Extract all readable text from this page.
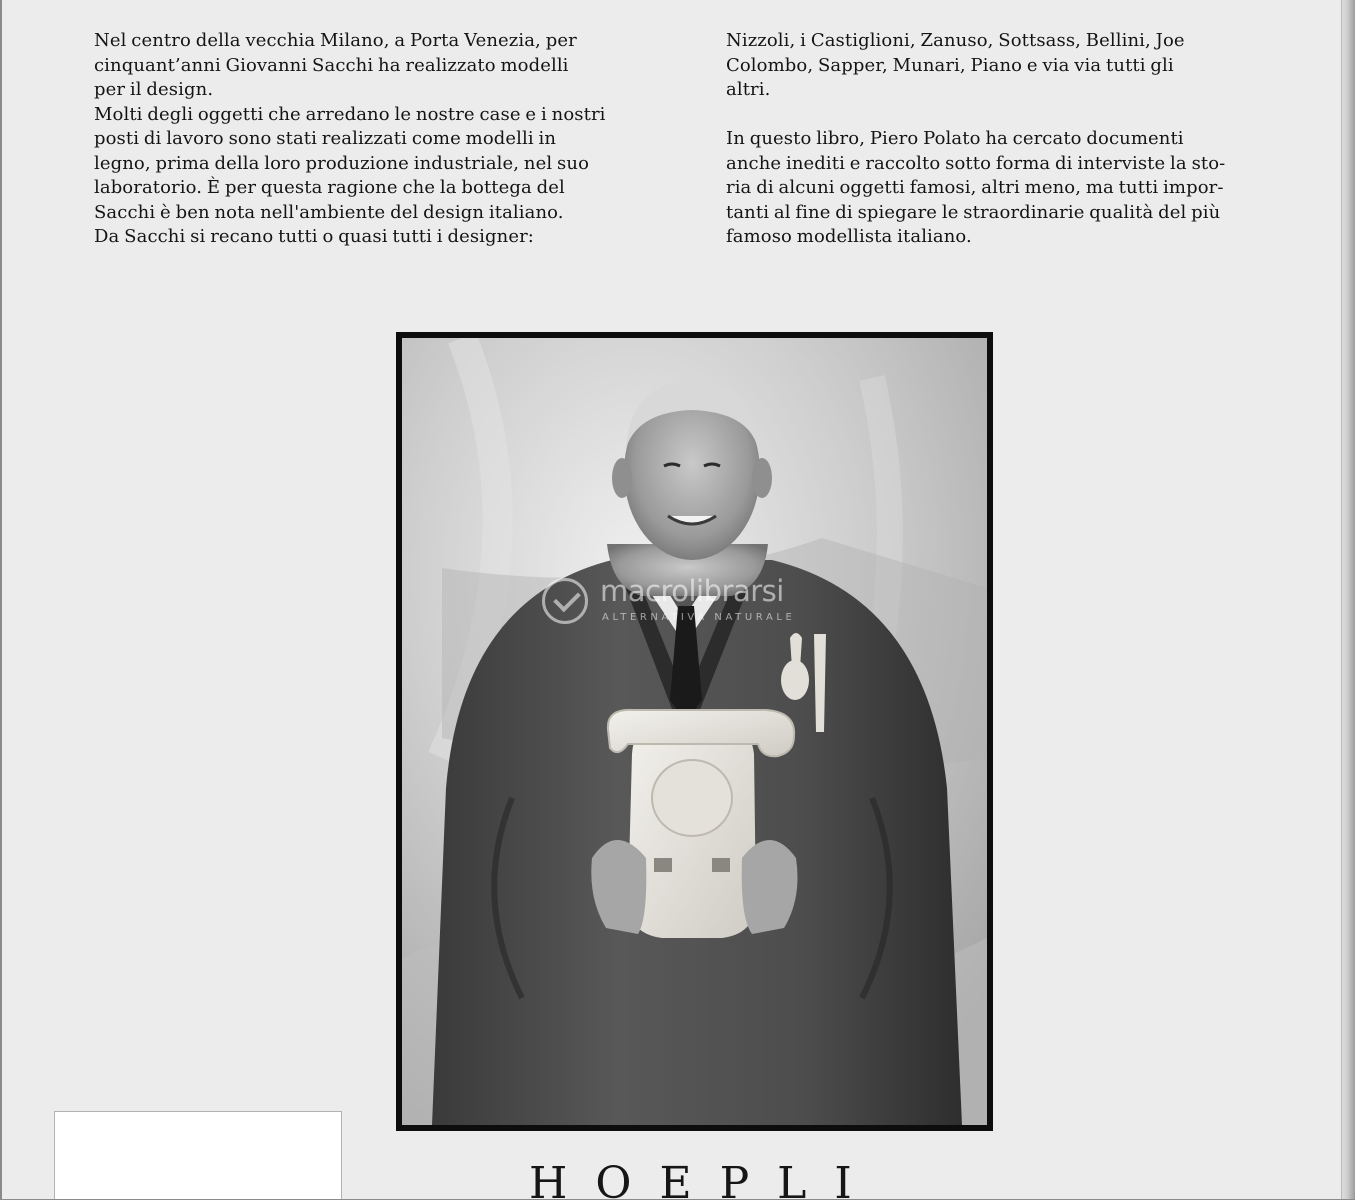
Nel centro della vecchia Milano, a Porta Venezia, per
cinquant’anni Giovanni Sacchi ha realizzato modelli
per il design.
Molti degli oggetti che arredano le nostre case e i nostri
posti di lavoro sono stati realizzati come modelli in
legno, prima della loro produzione industriale, nel suo
laboratorio. È per questa ragione che la bottega del
Sacchi è ben nota nell'ambiente del design italiano.
Da Sacchi si recano tutti o quasi tutti i designer:
Nizzoli, i Castiglioni, Zanuso, Sottsass, Bellini, Joe
Colombo, Sapper, Munari, Piano e via via tutti gli
altri.
In questo libro, Piero Polato ha cercato documenti
anche inediti e raccolto sotto forma di interviste la sto-
ria di alcuni oggetti famosi, altri meno, ma tutti impor-
tanti al fine di spiegare le straordinarie qualità del più
famoso modellista italiano.
macrolibrarsi
ALTERNATIVA NATURALE
HOEPLI
